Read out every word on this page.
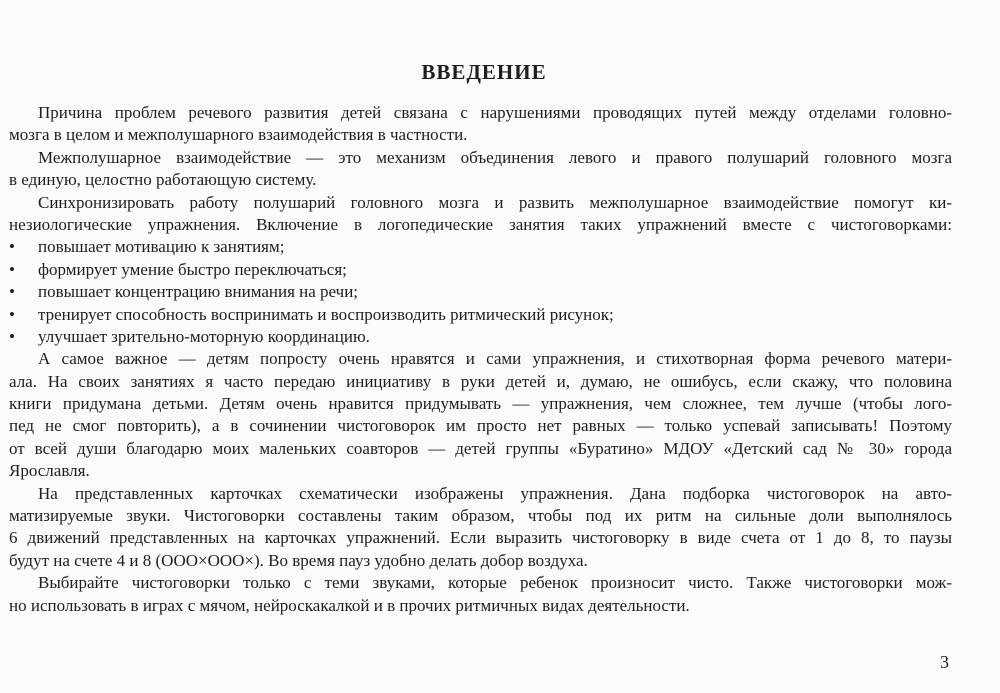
ВВЕДЕНИЕ
Причина проблем речевого развития детей связана с нарушениями проводящих путей между отделами головно-
мозга в целом и межполушарного взаимодействия в частности.
Межполушарное взаимодействие — это механизм объединения левого и правого полушарий головного мозга
в единую, целостно работающую систему.
Синхронизировать работу полушарий головного мозга и развить межполушарное взаимодействие помогут ки-
незиологические упражнения. Включение в логопедические занятия таких упражнений вместе с чистоговорками:
• повышает мотивацию к занятиям;
• формирует умение быстро переключаться;
• повышает концентрацию внимания на речи;
• тренирует способность воспринимать и воспроизводить ритмический рисунок;
• улучшает зрительно-моторную координацию.
А самое важное — детям попросту очень нравятся и сами упражнения, и стихотворная форма речевого матери-
ала. На своих занятиях я часто передаю инициативу в руки детей и, думаю, не ошибусь, если скажу, что половина
книги придумана детьми. Детям очень нравится придумывать — упражнения, чем сложнее, тем лучше (чтобы лого-
пед не смог повторить), а в сочинении чистоговорок им просто нет равных — только успевай записывать! Поэтому
от всей души благодарю моих маленьких соавторов — детей группы «Буратино» МДОУ «Детский сад № 30» города
Ярославля.
На представленных карточках схематически изображены упражнения. Дана подборка чистоговорок на авто-
матизируемые звуки. Чистоговорки составлены таким образом, чтобы под их ритм на сильные доли выполнялось
6 движений представленных на карточках упражнений. Если выразить чистоговорку в виде счета от 1 до 8, то паузы
будут на счете 4 и 8 (ООО×ООО×). Во время пауз удобно делать добор воздуха.
Выбирайте чистоговорки только с теми звуками, которые ребенок произносит чисто. Также чистоговорки мож-
но использовать в играх с мячом, нейроскакалкой и в прочих ритмичных видах деятельности.
3
